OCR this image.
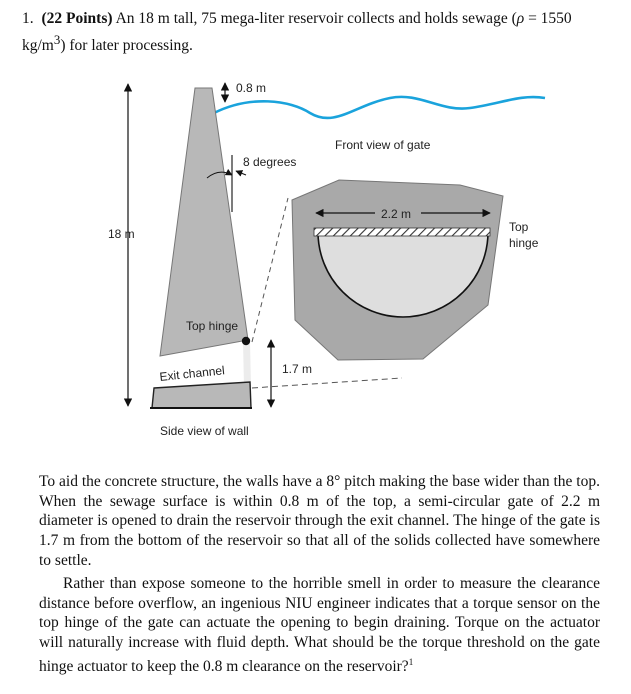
1. (22 Points) An 18 m tall, 75 mega-liter reservoir collects and holds sewage (ρ = 1550 $kg/m^3$) for later processing.
0.8 m
8 degrees
18 m
1.7 m
2.2 m
Front view of gate
Top
hinge
Top hinge
Exit channel
Side view of wall
To aid the concrete structure, the walls have a 8° pitch making the base wider than the top. When the sewage surface is within 0.8 m of the top, a semi-circular gate of 2.2 m diameter is opened to drain the reservoir through the exit channel. The hinge of the gate is 1.7 m from the bottom of the reservoir so that all of the solids collected have somewhere to settle.
Rather than expose someone to the horrible smell in order to measure the clearance distance before overflow, an ingenious NIU engineer indicates that a torque sensor on the top hinge of the gate can actuate the opening to begin draining. Torque on the actuator will naturally increase with fluid depth. What should be the torque threshold on the gate hinge actuator to keep the 0.8 m clearance on the reservoir?$^1$
